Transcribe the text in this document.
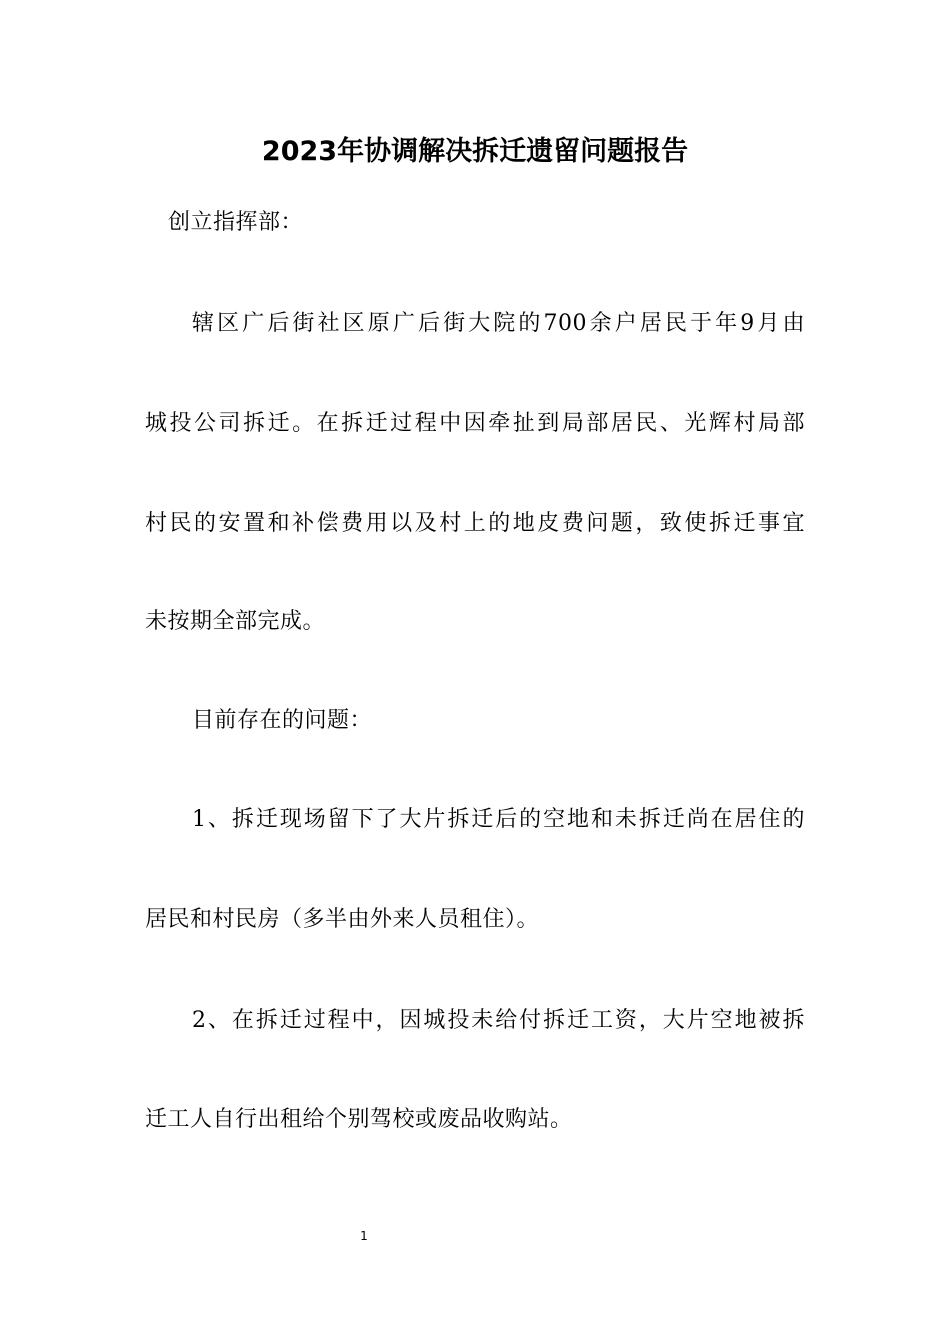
2023年协调解决拆迁遗留问题报告
创立指挥部：
辖区广后街社区原广后街大院的700余户居民于年9月由
城投公司拆迁。在拆迁过程中因牵扯到局部居民、光辉村局部
村民的安置和补偿费用以及村上的地皮费问题，致使拆迁事宜
未按期全部完成。
目前存在的问题：
1、拆迁现场留下了大片拆迁后的空地和未拆迁尚在居住的
居民和村民房（多半由外来人员租住）。
2、在拆迁过程中，因城投未给付拆迁工资，大片空地被拆
迁工人自行出租给个别驾校或废品收购站。
1
